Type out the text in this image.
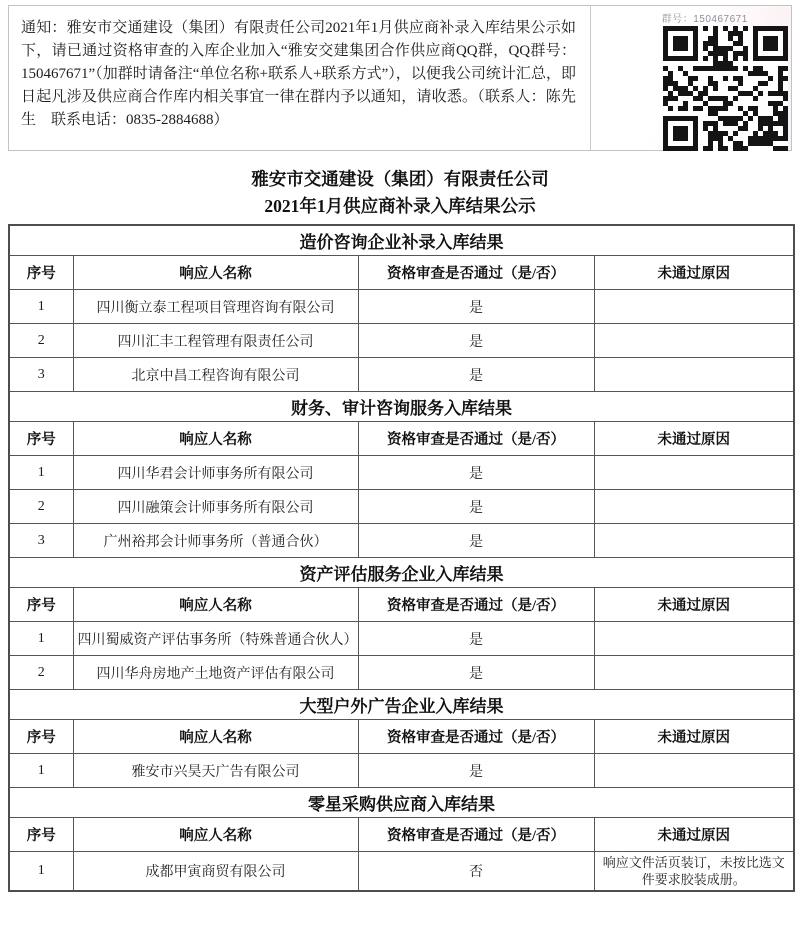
通知：雅安市交通建设（集团）有限责任公司2021年1月供应商补录入库结果公示如下，请已通过资格审查的入库企业加入“雅安交建集团合作供应商QQ群，QQ群号：150467671”（加群时请备注“单位名称+联系人+联系方式”），以便我公司统计汇总，即日起凡涉及供应商合作库内相关事宜一律在群内予以通知，请收悉。（联系人：陈先生　联系电话：0835-2884688）
群号：150467671
雅安市交通建设（集团）有限责任公司
2021年1月供应商补录入库结果公示
造价咨询企业补录入库结果			
序号	响应人名称	资格审查是否通过（是/否）	未通过原因
1	四川衡立泰工程项目管理咨询有限公司	是	
2	四川汇丰工程管理有限责任公司	是	
3	北京中昌工程咨询有限公司	是	
财务、审计咨询服务入库结果			
序号	响应人名称	资格审查是否通过（是/否）	未通过原因
1	四川华君会计师事务所有限公司	是	
2	四川融策会计师事务所有限公司	是	
3	广州裕邦会计师事务所（普通合伙）	是	
资产评估服务企业入库结果			
序号	响应人名称	资格审查是否通过（是/否）	未通过原因
1	四川蜀威资产评估事务所（特殊普通合伙人）	是	
2	四川华舟房地产土地资产评估有限公司	是	
大型户外广告企业入库结果			
序号	响应人名称	资格审查是否通过（是/否）	未通过原因
1	雅安市兴昊天广告有限公司	是	
零星采购供应商入库结果			
序号	响应人名称	资格审查是否通过（是/否）	未通过原因
1	成都甲寅商贸有限公司	否	响应文件活页装订，未按比选文件要求胶装成册。
